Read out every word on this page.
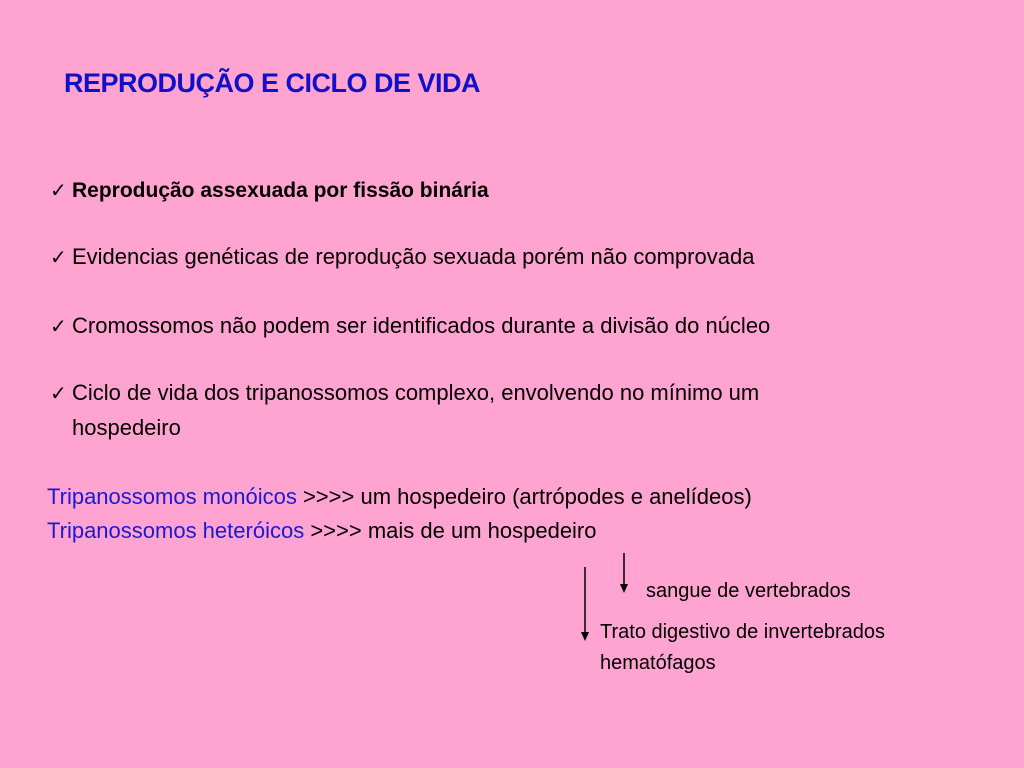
REPRODUÇÃO E CICLO DE VIDA
✓ Reprodução assexuada por fissão binária
✓ Evidencias genéticas de reprodução sexuada porém não comprovada
✓ Cromossomos não podem ser identificados durante a divisão do núcleo
✓ Ciclo de vida dos tripanossomos complexo, envolvendo no mínimo um
hospedeiro
Tripanossomos monóicos >>>> um hospedeiro (artrópodes e anelídeos)
Tripanossomos heteróicos >>>> mais de um hospedeiro
sangue de vertebrados
Trato digestivo de invertebrados
hematófagos
